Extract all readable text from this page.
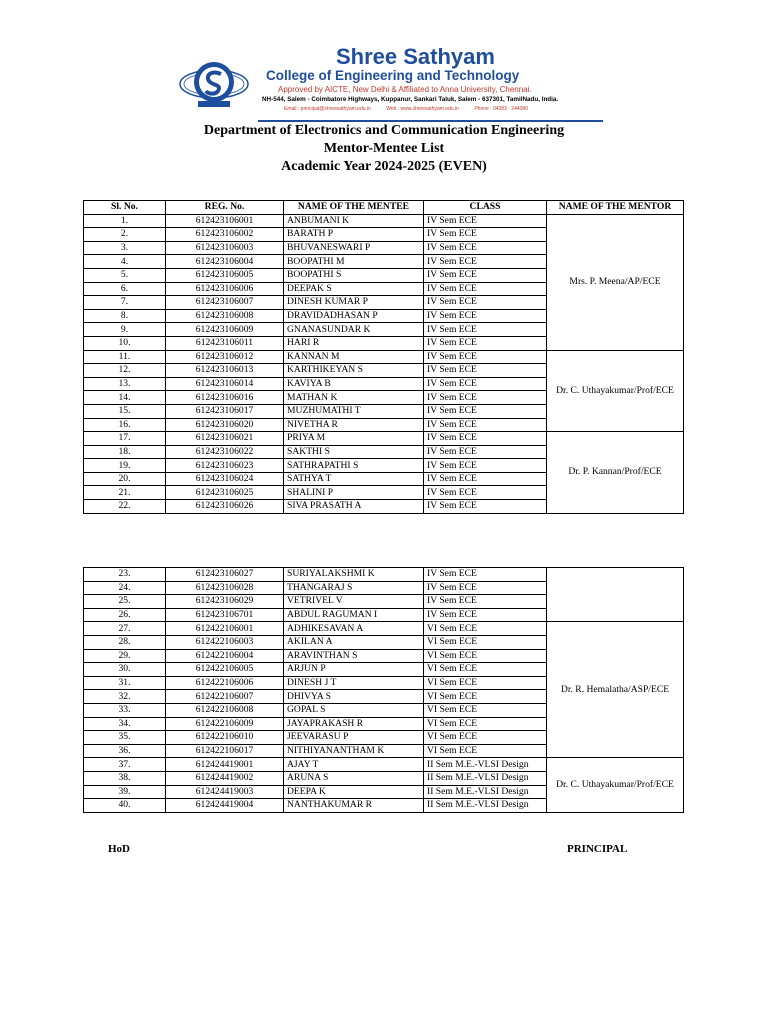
Shree Sathyam
College of Engineering and Technology
Approved by AICTE, New Delhi & Affiliated to Anna University, Chennai.
NH-544, Salem - Coimbatore Highways, Kuppanur, Sankari Taluk, Salem - 637301, TamilNadu, India.
Email : principal@shreesathyam.edu.in	Web : www.shreesathyam.edu.in	Phone : 04283 - 244080
Department of Electronics and Communication Engineering
Mentor-Mentee List
Academic Year 2024-2025 (EVEN)
Sl. No.	REG. No.	NAME OF THE MENTEE	CLASS	NAME OF THE MENTOR
1.	612423106001	ANBUMANI K	IV Sem ECE	Mrs. P. Meena/AP/ECE
2.	612423106002	BARATH P	IV Sem ECE	
3.	612423106003	BHUVANESWARI P	IV Sem ECE	
4.	612423106004	BOOPATHI M	IV Sem ECE	
5.	612423106005	BOOPATHI S	IV Sem ECE	
6.	612423106006	DEEPAK S	IV Sem ECE	
7.	612423106007	DINESH KUMAR P	IV Sem ECE	
8.	612423106008	DRAVIDADHASAN P	IV Sem ECE	
9.	612423106009	GNANASUNDAR K	IV Sem ECE	
10.	612423106011	HARI R	IV Sem ECE	
11.	612423106012	KANNAN M	IV Sem ECE	Dr. C. Uthayakumar/Prof/ECE
12.	612423106013	KARTHIKEYAN S	IV Sem ECE	
13.	612423106014	KAVIYA B	IV Sem ECE	
14.	612423106016	MATHAN K	IV Sem ECE	
15.	612423106017	MUZHUMATHI T	IV Sem ECE	
16.	612423106020	NIVETHA R	IV Sem ECE	
17.	612423106021	PRIYA M	IV Sem ECE	Dr. P. Kannan/Prof/ECE
18.	612423106022	SAKTHI S	IV Sem ECE	
19.	612423106023	SATHRAPATHI S	IV Sem ECE	
20.	612423106024	SATHYA T	IV Sem ECE	
21.	612423106025	SHALINI P	IV Sem ECE	
22.	612423106026	SIVA PRASATH A	IV Sem ECE	
23.	612423106027	SURIYALAKSHMI K	IV Sem ECE	
24.	612423106028	THANGARAJ S	IV Sem ECE	
25.	612423106029	VETRIVEL V	IV Sem ECE	
26.	612423106701	ABDUL RAGUMAN I	IV Sem ECE	
27.	612422106001	ADHIKESAVAN A	VI Sem ECE	Dr. R. Hemalatha/ASP/ECE
28.	612422106003	AKILAN A	VI Sem ECE	
29.	612422106004	ARAVINTHAN S	VI Sem ECE	
30.	612422106005	ARJUN P	VI Sem ECE	
31.	612422106006	DINESH J T	VI Sem ECE	
32.	612422106007	DHIVYA S	VI Sem ECE	
33.	612422106008	GOPAL S	VI Sem ECE	
34.	612422106009	JAYAPRAKASH R	VI Sem ECE	
35.	612422106010	JEEVARASU P	VI Sem ECE	
36.	612422106017	NITHIYANANTHAM K	VI Sem ECE	
37.	612424419001	AJAY T	II Sem M.E.-VLSI Design	Dr. C. Uthayakumar/Prof/ECE
38.	612424419002	ARUNA S	II Sem M.E.-VLSI Design	
39.	612424419003	DEEPA K	II Sem M.E.-VLSI Design	
40.	612424419004	NANTHAKUMAR R	II Sem M.E.-VLSI Design	
HoD	PRINCIPAL
